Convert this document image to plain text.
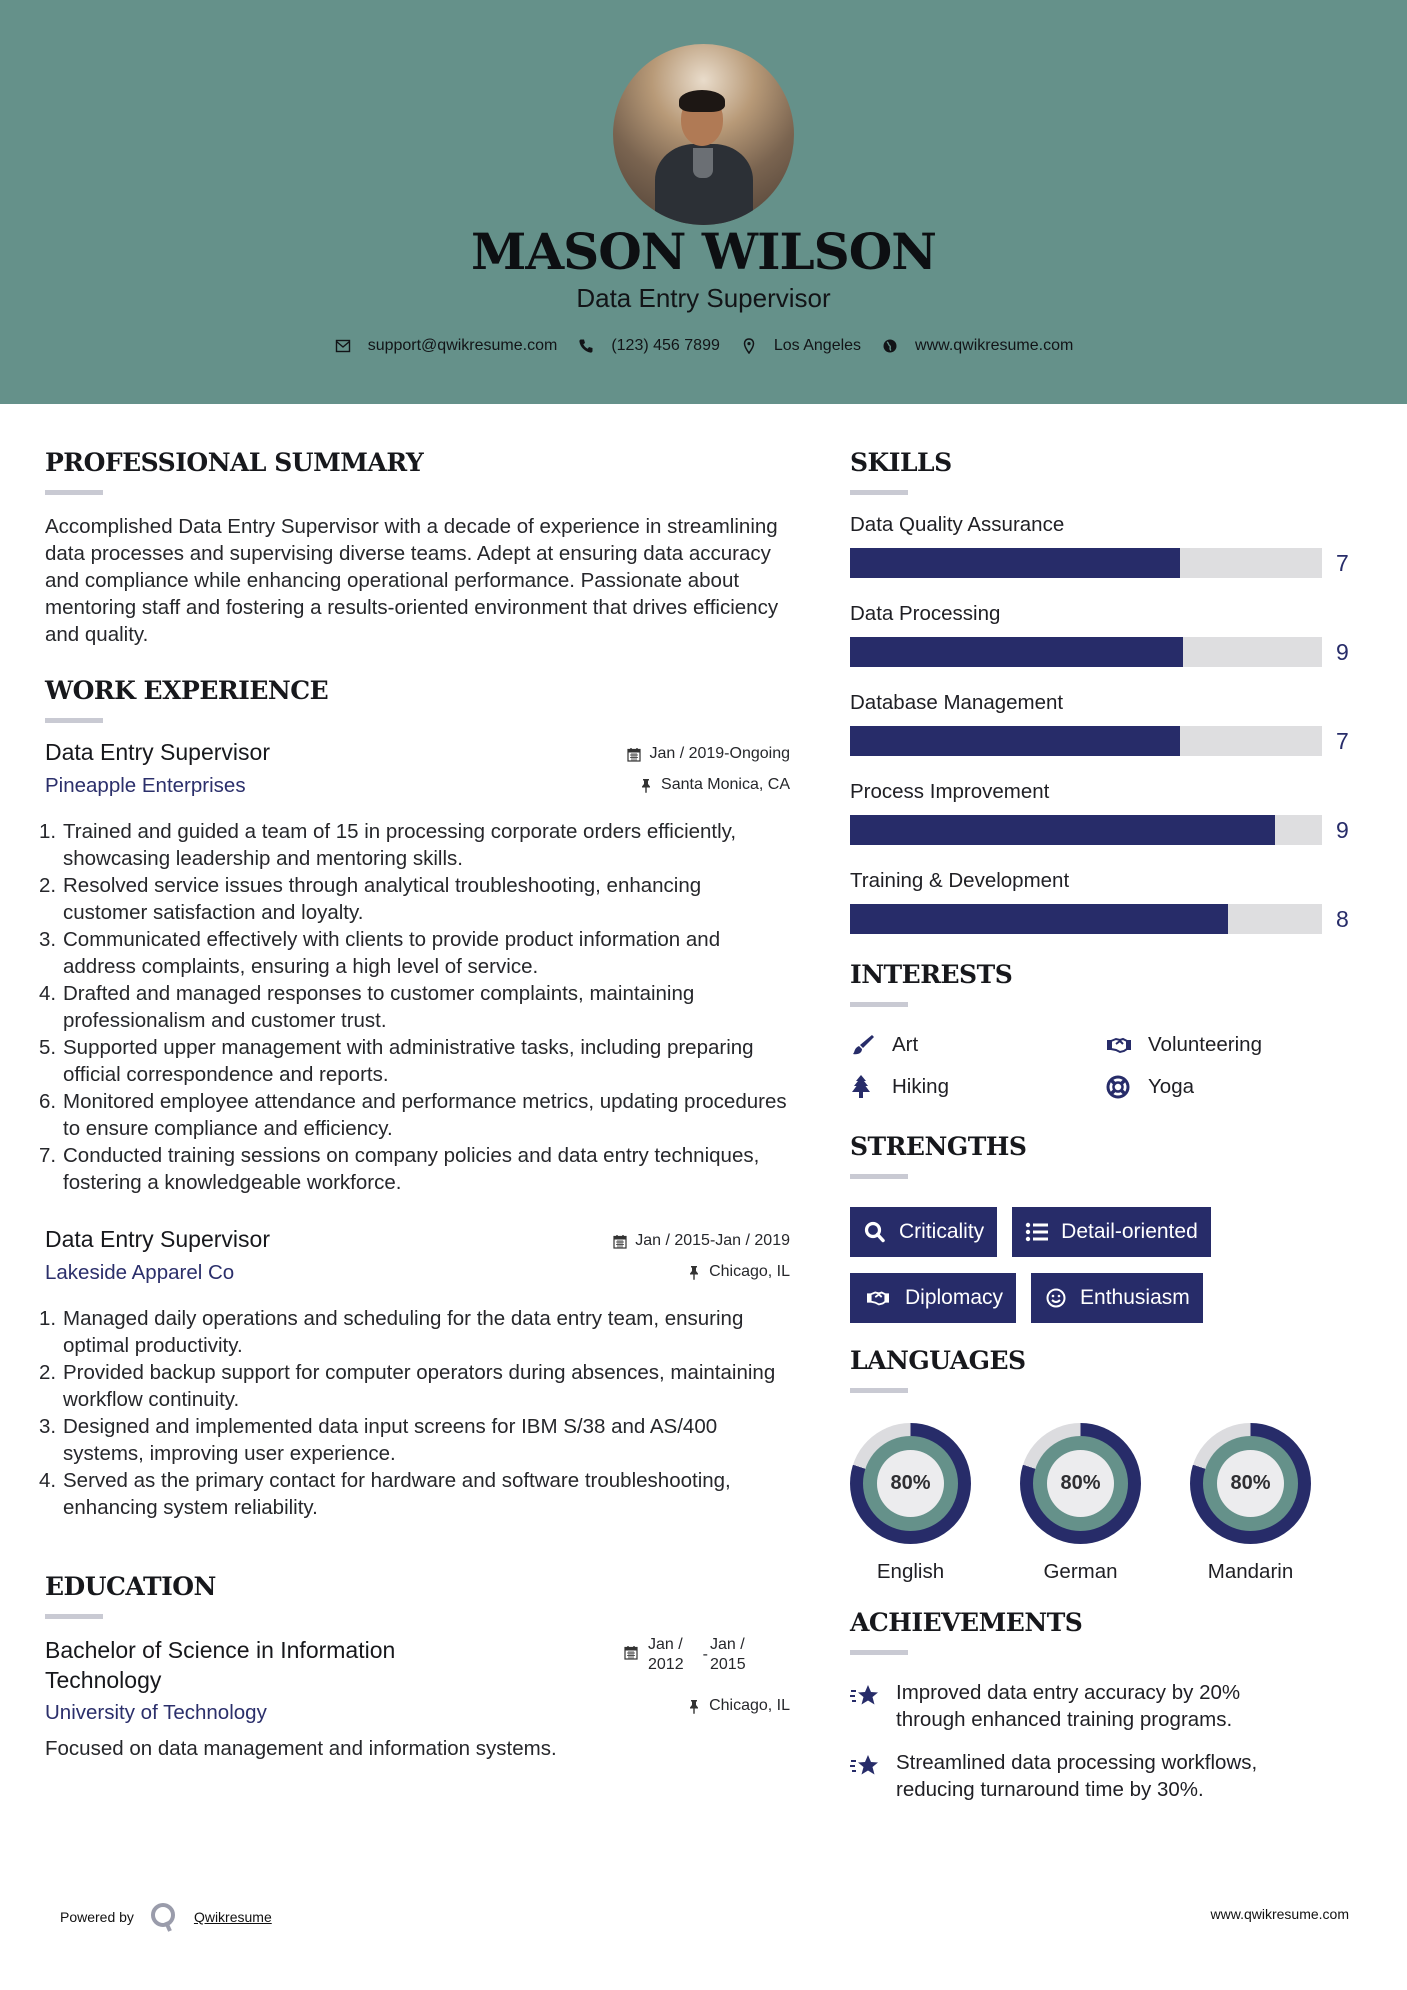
MASON WILSON
Data Entry Supervisor
support@qwikresume.com	(123) 456 7899	Los Angeles	www.qwikresume.com
PROFESSIONAL SUMMARY

Accomplished Data Entry Supervisor with a decade of experience in streamlining data processes and supervising diverse teams. Adept at ensuring data accuracy and compliance while enhancing operational performance. Passionate about mentoring staff and fostering a results-oriented environment that drives efficiency and quality.

WORK EXPERIENCE
Data Entry Supervisor
Pineapple Enterprises
Jan / 2019-Ongoing
Santa Monica, CA
1. Trained and guided a team of 15 in processing corporate orders efficiently, showcasing leadership and mentoring skills.
2. Resolved service issues through analytical troubleshooting, enhancing customer satisfaction and loyalty.
3. Communicated effectively with clients to provide product information and address complaints, ensuring a high level of service.
4. Drafted and managed responses to customer complaints, maintaining professionalism and customer trust.
5. Supported upper management with administrative tasks, including preparing official correspondence and reports.
6. Monitored employee attendance and performance metrics, updating procedures to ensure compliance and efficiency.
7. Conducted training sessions on company policies and data entry techniques, fostering a knowledgeable workforce.
Data Entry Supervisor
Lakeside Apparel Co
Jan / 2015-Jan / 2019
Chicago, IL
1. Managed daily operations and scheduling for the data entry team, ensuring optimal productivity.
2. Provided backup support for computer operators during absences, maintaining workflow continuity.
3. Designed and implemented data input screens for IBM S/38 and AS/400 systems, improving user experience.
4. Served as the primary contact for hardware and software troubleshooting, enhancing system reliability.
EDUCATION
Bachelor of Science in Information
Technology
University of Technology
Jan /
2012
-
Jan /
2015
Chicago, IL

Focused on data management and information systems.

SKILLS
Data Quality Assurance
7
Data Processing
9
Database Management
7
Process Improvement
9
Training & Development
8
INTERESTS
Art	Volunteering
Hiking	Yoga
STRENGTHS
Criticality	Detail-oriented
Diplomacy	Enthusiasm
LANGUAGES
80%
English
80%
German
80%
Mandarin
ACHIEVEMENTS
Improved data entry accuracy by 20%
through enhanced training programs.
Streamlined data processing workflows,
reducing turnaround time by 30%.
Powered by	Qwikresume	www.qwikresume.com
